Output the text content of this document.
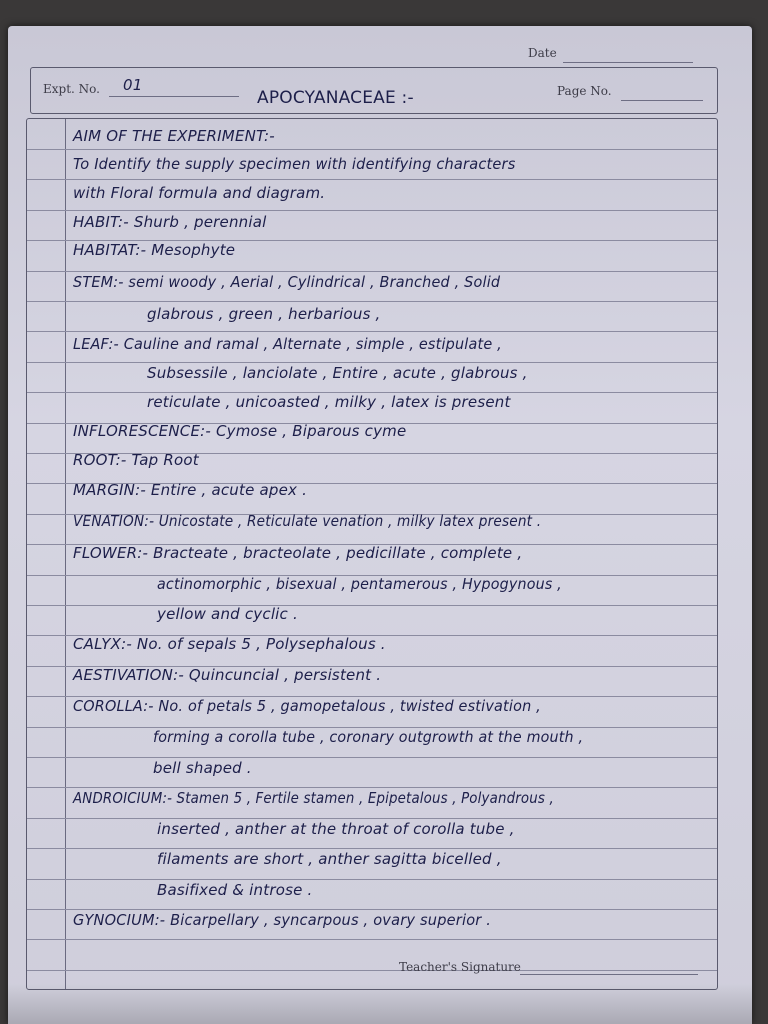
Date
Expt. No. 01
APOCYANACEAE :-	Page No.
AIM OF THE EXPERIMENT:-
To Identify the supply specimen with identifying characters
with Floral formula and diagram.
HABIT:- Shurb , perennial
HABITAT:- Mesophyte
STEM:- semi woody , Aerial , Cylindrical , Branched , Solid
glabrous , green , herbarious ,
LEAF:- Cauline and ramal , Alternate , simple , estipulate ,
Subsessile , lanciolate , Entire , acute , glabrous ,
reticulate , unicoasted , milky , latex is present
INFLORESCENCE:- Cymose , Biparous cyme
ROOT:- Tap Root
MARGIN:- Entire , acute apex .
VENATION:- Unicostate , Reticulate venation , milky latex present .
FLOWER:- Bracteate , bracteolate , pedicillate , complete ,
actinomorphic , bisexual , pentamerous , Hypogynous ,
yellow and cyclic .
CALYX:- No. of sepals 5 , Polysephalous .
AESTIVATION:- Quincuncial , persistent .
COROLLA:- No. of petals 5 , gamopetalous , twisted estivation ,
forming a corolla tube , coronary outgrowth at the mouth ,
bell shaped .
ANDROICIUM:- Stamen 5 , Fertile stamen , Epipetalous , Polyandrous ,
inserted , anther at the throat of corolla tube ,
filaments are short , anther sagitta bicelled ,
Basifixed & introse .
GYNOCIUM:- Bicarpellary , syncarpous , ovary superior .
Teacher's Signature
